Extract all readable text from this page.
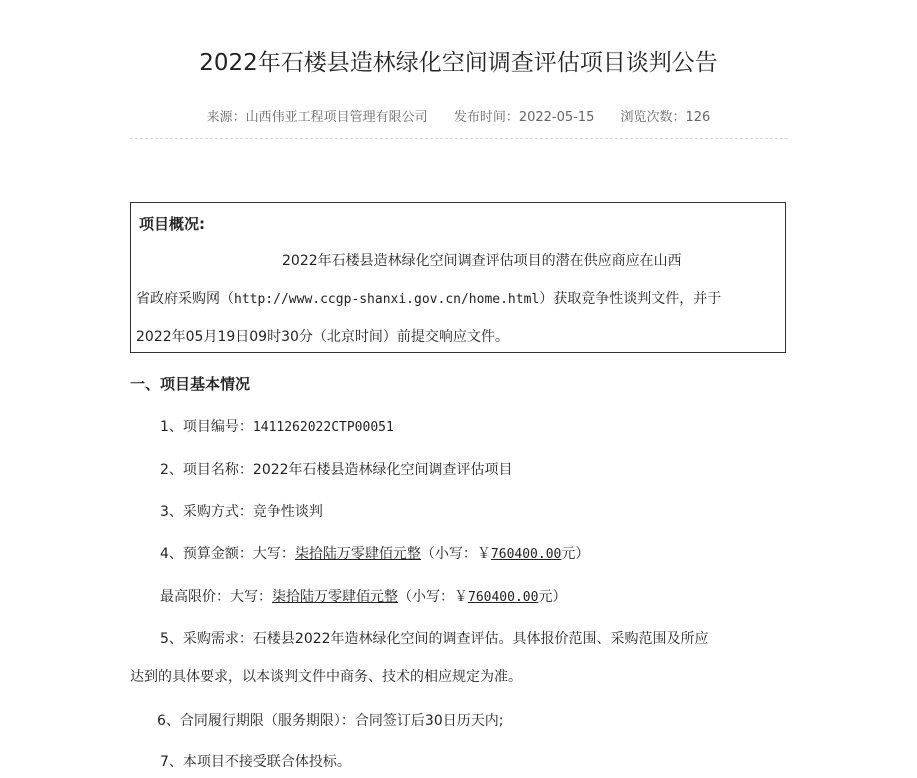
2022年石楼县造林绿化空间调查评估项目谈判公告
来源：山西伟亚工程项目管理有限公司 发布时间：2022-05-15 浏览次数：126
项目概况:
2022年石楼县造林绿化空间调查评估项目的潜在供应商应在山西
省政府采购网（http://www.ccgp-shanxi.gov.cn/home.html）获取竞争性谈判文件，并于
2022年05月19日09时30分（北京时间）前提交响应文件。
一、项目基本情况
1、项目编号：1411262022CTP00051
2、项目名称：2022年石楼县造林绿化空间调查评估项目
3、采购方式：竞争性谈判
4、预算金额：大写：柒拾陆万零肆佰元整（小写：￥760400.00元）
最高限价：大写：柒拾陆万零肆佰元整（小写：￥760400.00元）
5、采购需求：石楼县2022年造林绿化空间的调查评估。具体报价范围、采购范围及所应
达到的具体要求，以本谈判文件中商务、技术的相应规定为准。
6、合同履行期限（服务期限）：合同签订后30日历天内;
7、本项目不接受联合体投标。
